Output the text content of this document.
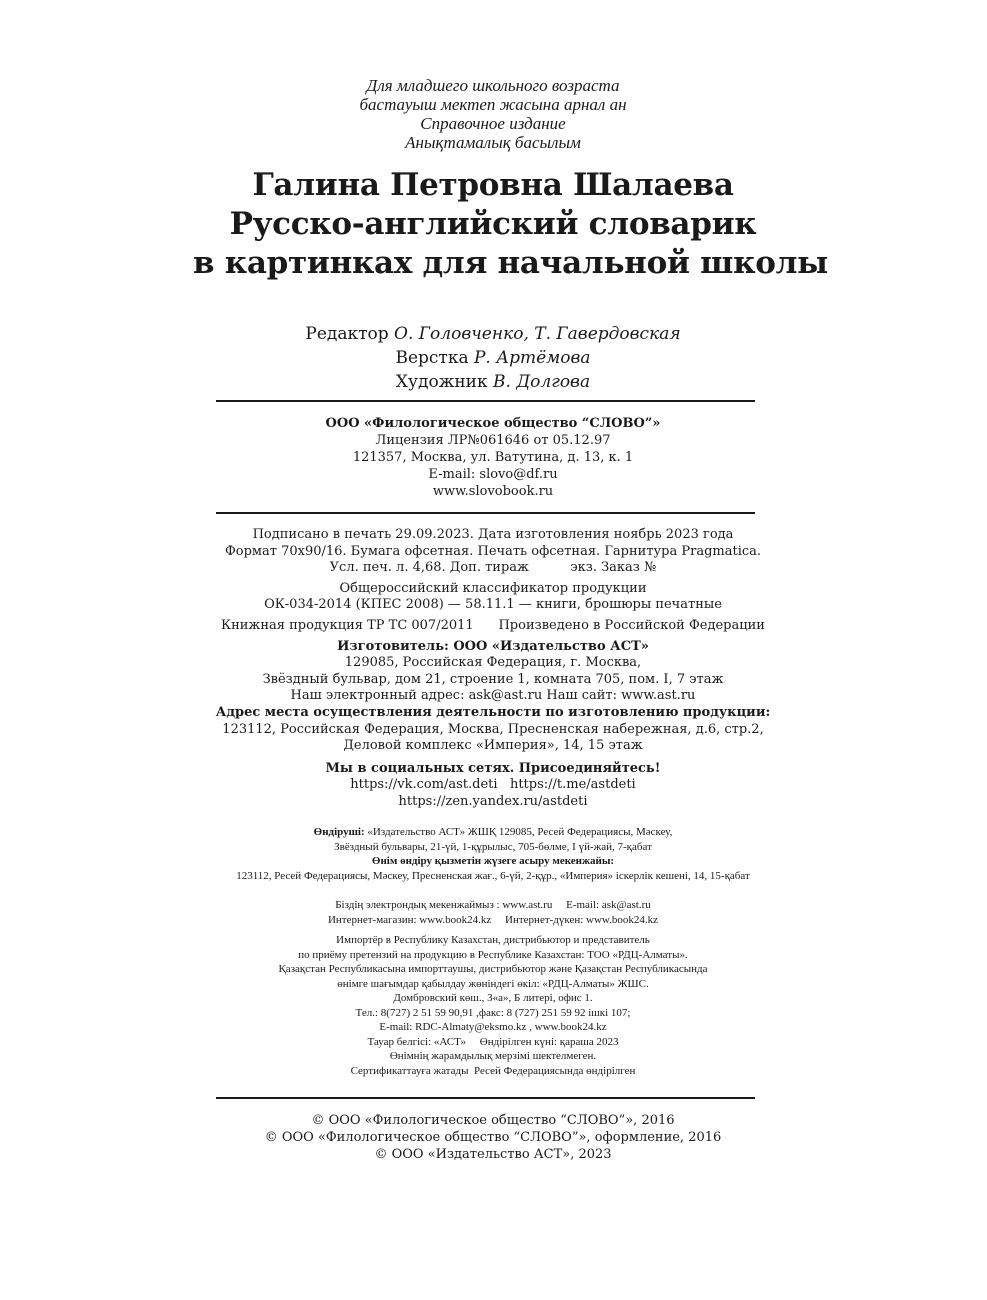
Для младшего школьного возраста
бастауыш мектеп жасына арнал ан
Справочное издание
Анықтамалық басылым
Галина Петровна Шалаева
Русско-английский словарик
в картинках для начальной школы
Редактор О. Головченко, Т. Гавердовская
Верстка Р. Артёмова
Художник В. Долгова
ООО «Филологическое общество “СЛОВО”»
Лицензия ЛР№061646 от 05.12.97
121357, Москва, ул. Ватутина, д. 13, к. 1
E-mail: slovo@df.ru
www.slovobook.ru
Подписано в печать 29.09.2023. Дата изготовления ноябрь 2023 года
Формат 70х90/16. Бумага офсетная. Печать офсетная. Гарнитура Pragmatica.
Усл. печ. л. 4,68. Доп. тираж          экз. Заказ №
Общероссийский классификатор продукции
ОК-034-2014 (КПЕС 2008) — 58.11.1 — книги, брошюры печатные
Книжная продукция ТР ТС 007/2011      Произведено в Российской Федерации
Изготовитель: ООО «Издательство АСТ»
129085, Российская Федерация, г. Москва,
Звёздный бульвар, дом 21, строение 1, комната 705, пом. I, 7 этаж
Наш электронный адрес: ask@ast.ru Наш сайт: www.ast.ru
Адрес места осуществления деятельности по изготовлению продукции:
123112, Российская Федерация, Москва, Пресненская набережная, д.6, стр.2,
Деловой комплекс «Империя», 14, 15 этаж
Мы в социальных сетях. Присоединяйтесь!
https://vk.com/ast.deti   https://t.me/astdeti
https://zen.yandex.ru/astdeti
Өндіруші: «Издательство АСТ» ЖШҚ 129085, Ресей Федерациясы, Мәскеу,
Звёздный бульвары, 21-үй, 1-құрылыс, 705-бөлме, I үй-жай, 7-қабат
Өнім өндіру қызметін жүзеге асыру мекенжайы:
123112, Ресей Федерациясы, Мәскеу, Пресненская жағ., 6-үй, 2-құр., «Империя» іскерлік кешені, 14, 15-қабат
Біздің электрондық мекенжаймыз : www.ast.ru     E-mail: ask@ast.ru
Интернет-магазин: www.book24.kz     Интернет-дүкен: www.book24.kz
Импортёр в Республику Казахстан, дистрибьютор и представитель
по приёму претензий на продукцию в Республике Казахстан: ТОО «РДЦ-Алматы».
Қазақстан Республикасына импорттаушы, дистрибьютор және Қазақстан Республикасында
өнімге шағымдар қабылдау жөніндегі өкіл: «РДЦ-Алматы» ЖШС.
Домбровский көш., 3«а», Б литері, офис 1.
Тел.: 8(727) 2 51 59 90,91 ,факс: 8 (727) 251 59 92 ішкі 107;
E-mail: RDC-Almaty@eksmo.kz , www.book24.kz
Тауар белгісі: «АСТ»     Өндірілген күні: қараша 2023
Өнімнің жарамдылық мерзімі шектелмеген.
Сертификаттауға жатады  Ресей Федерациясында өндірілген
© ООО «Филологическое общество “СЛОВО”», 2016
© ООО «Филологическое общество “СЛОВО”», оформление, 2016
© ООО «Издательство АСТ», 2023
